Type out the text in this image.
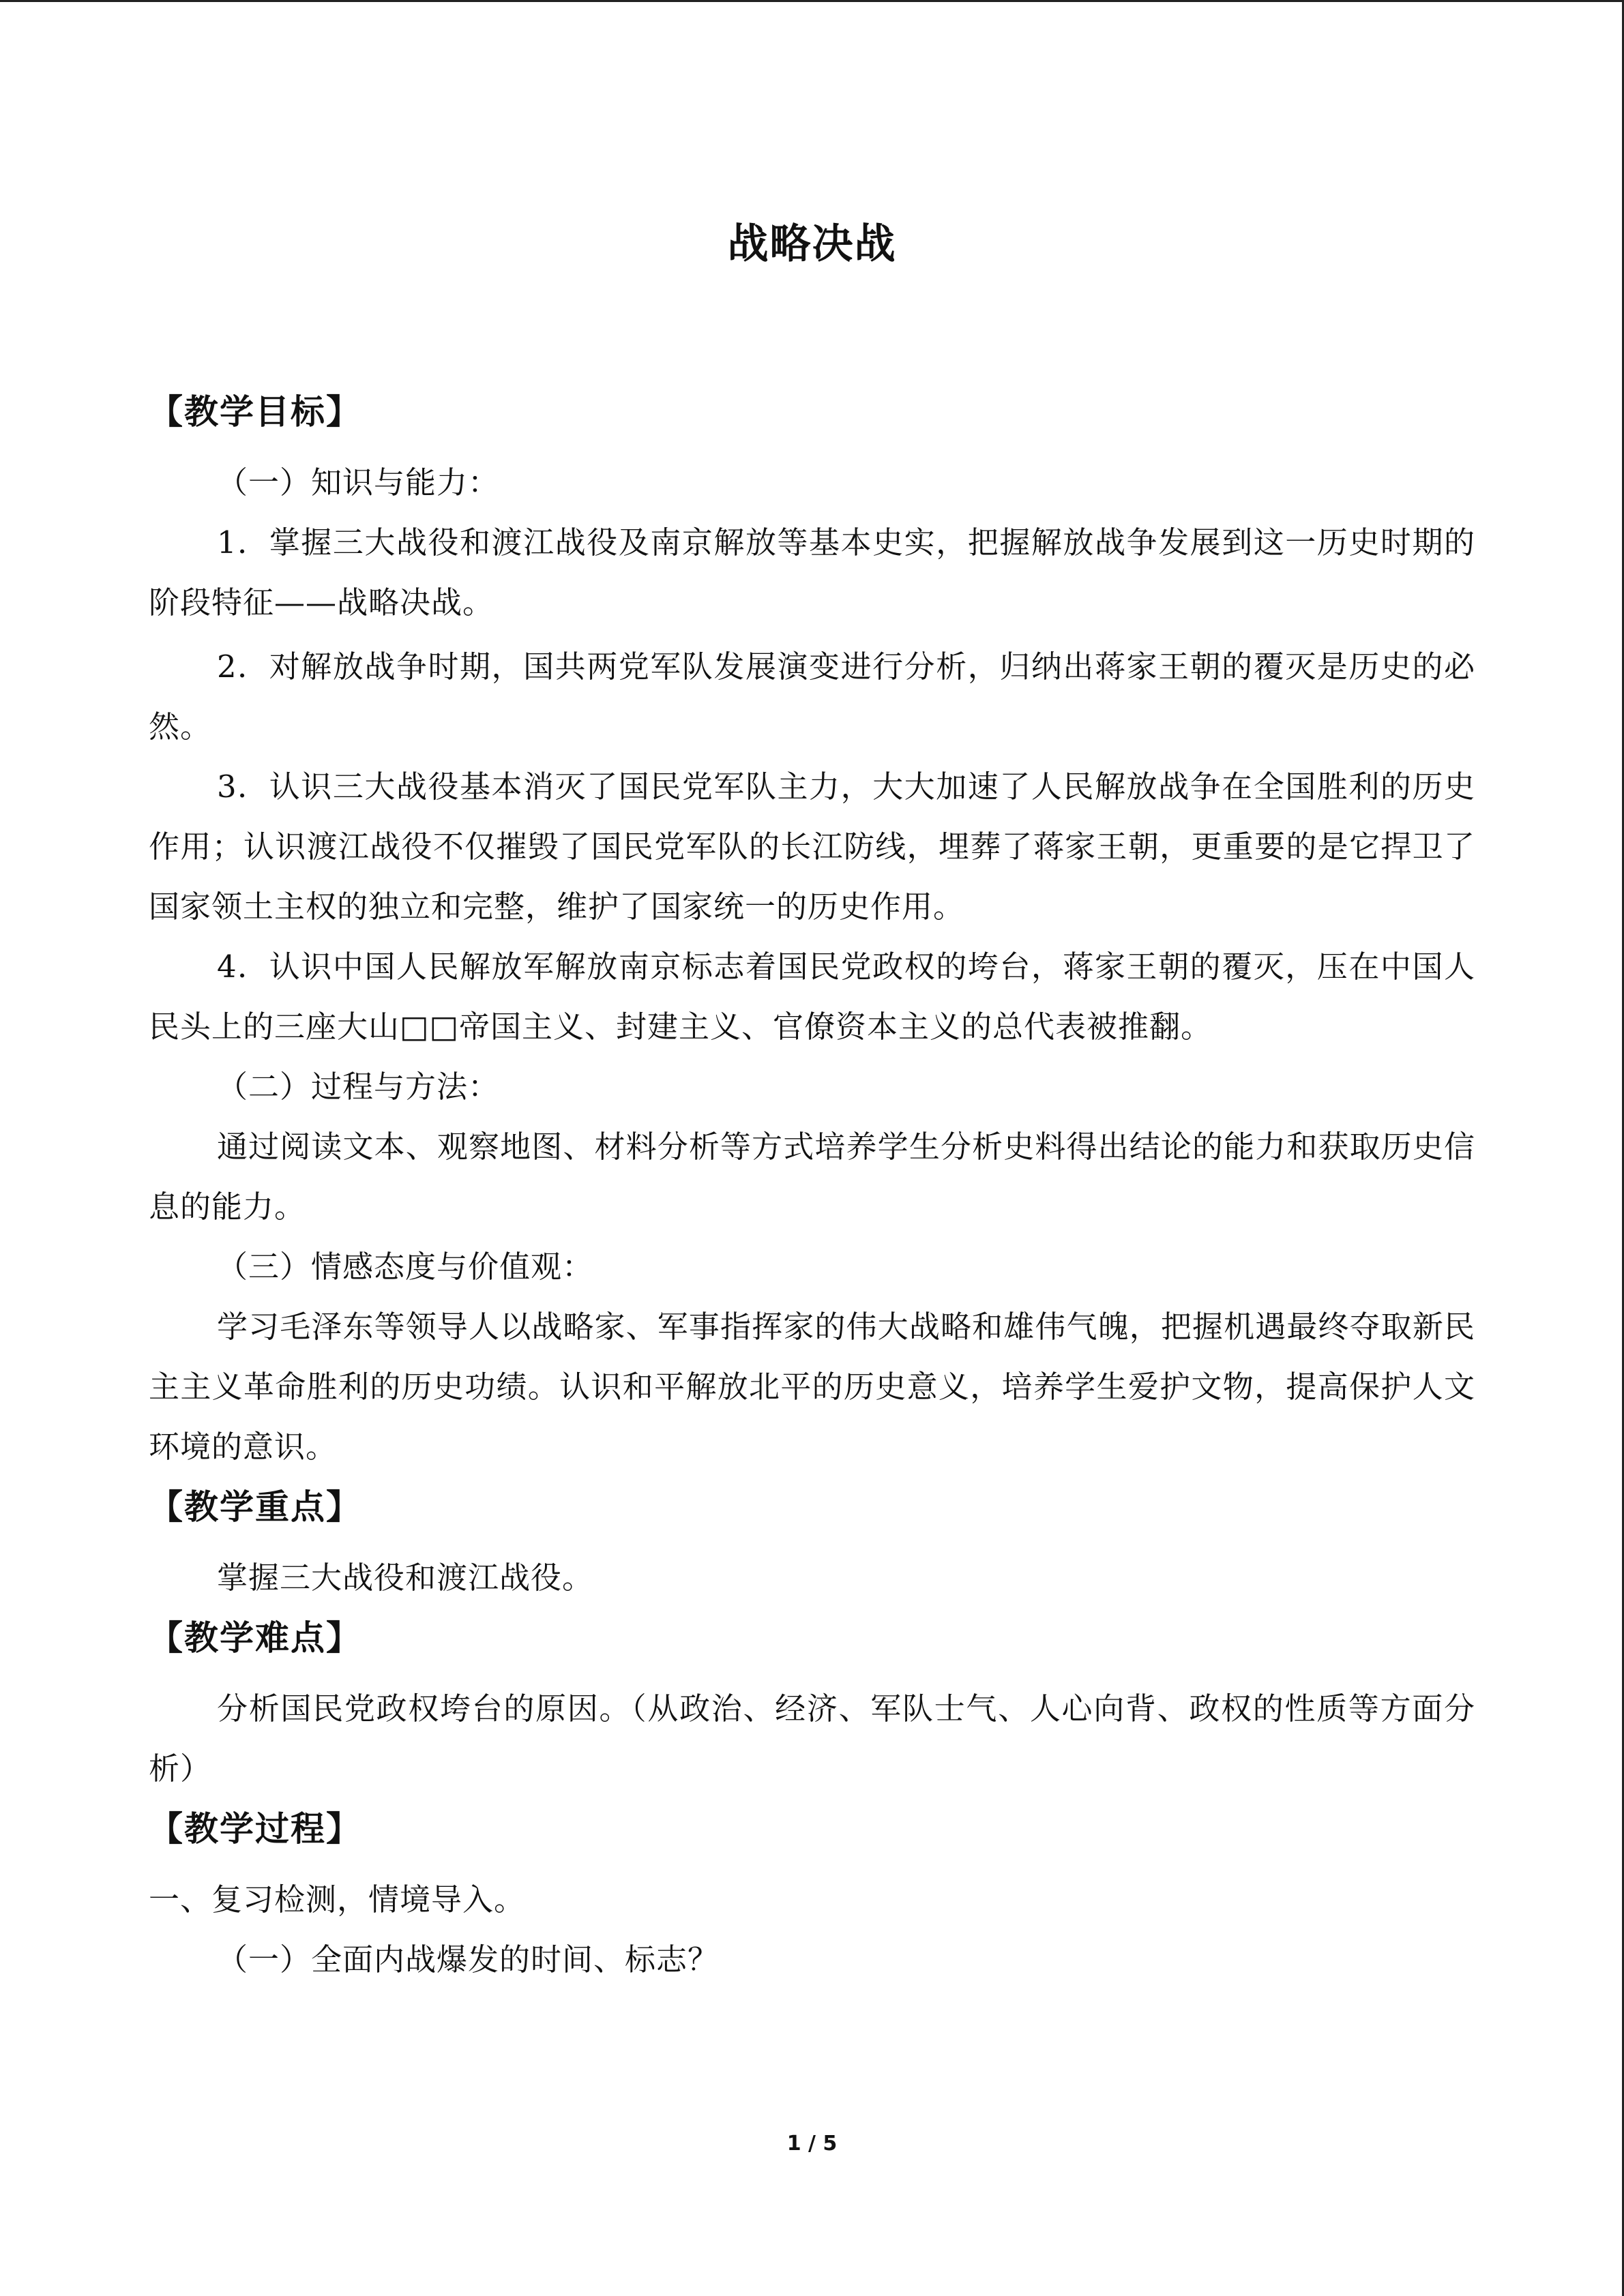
战略决战

【教学目标】

（一）知识与能力：

1．掌握三大战役和渡江战役及南京解放等基本史实，把握解放战争发展到这一历史时期的阶段特征——战略决战。

2．对解放战争时期，国共两党军队发展演变进行分析，归纳出蒋家王朝的覆灭是历史的必然。

3．认识三大战役基本消灭了国民党军队主力，大大加速了人民解放战争在全国胜利的历史作用；认识渡江战役不仅摧毁了国民党军队的长江防线，埋葬了蒋家王朝，更重要的是它捍卫了国家领土主权的独立和完整，维护了国家统一的历史作用。

4．认识中国人民解放军解放南京标志着国民党政权的垮台，蒋家王朝的覆灭，压在中国人民头上的三座大山□□帝国主义、封建主义、官僚资本主义的总代表被推翻。

（二）过程与方法：

通过阅读文本、观察地图、材料分析等方式培养学生分析史料得出结论的能力和获取历史信息的能力。

（三）情感态度与价值观：

学习毛泽东等领导人以战略家、军事指挥家的伟大战略和雄伟气魄，把握机遇最终夺取新民主主义革命胜利的历史功绩。认识和平解放北平的历史意义，培养学生爱护文物，提高保护人文环境的意识。

【教学重点】

掌握三大战役和渡江战役。

【教学难点】

分析国民党政权垮台的原因。（从政治、经济、军队士气、人心向背、政权的性质等方面分析）

【教学过程】

一、复习检测，情境导入。

（一）全面内战爆发的时间、标志？

1 / 5
